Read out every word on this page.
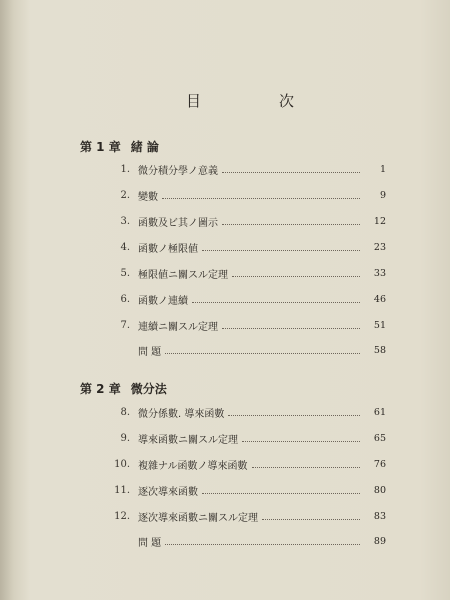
目	次
第 1 章 緒 論
1. 微分積分學ノ意義	1
2. 變數	9
3. 函數及ビ其ノ圖示	12
4. 函數ノ極限値	23
5. 極限値ニ關スル定理	33
6. 函數ノ連續	46
7. 連續ニ關スル定理	51
問 題	58
第 2 章 微分法
8. 微分係數. 導來函數	61
9. 導來函數ニ關スル定理	65
10. 複雜ナル函數ノ導來函數	76
11. 逐次導來函數	80
12. 逐次導來函數ニ關スル定理	83
問 題	89
